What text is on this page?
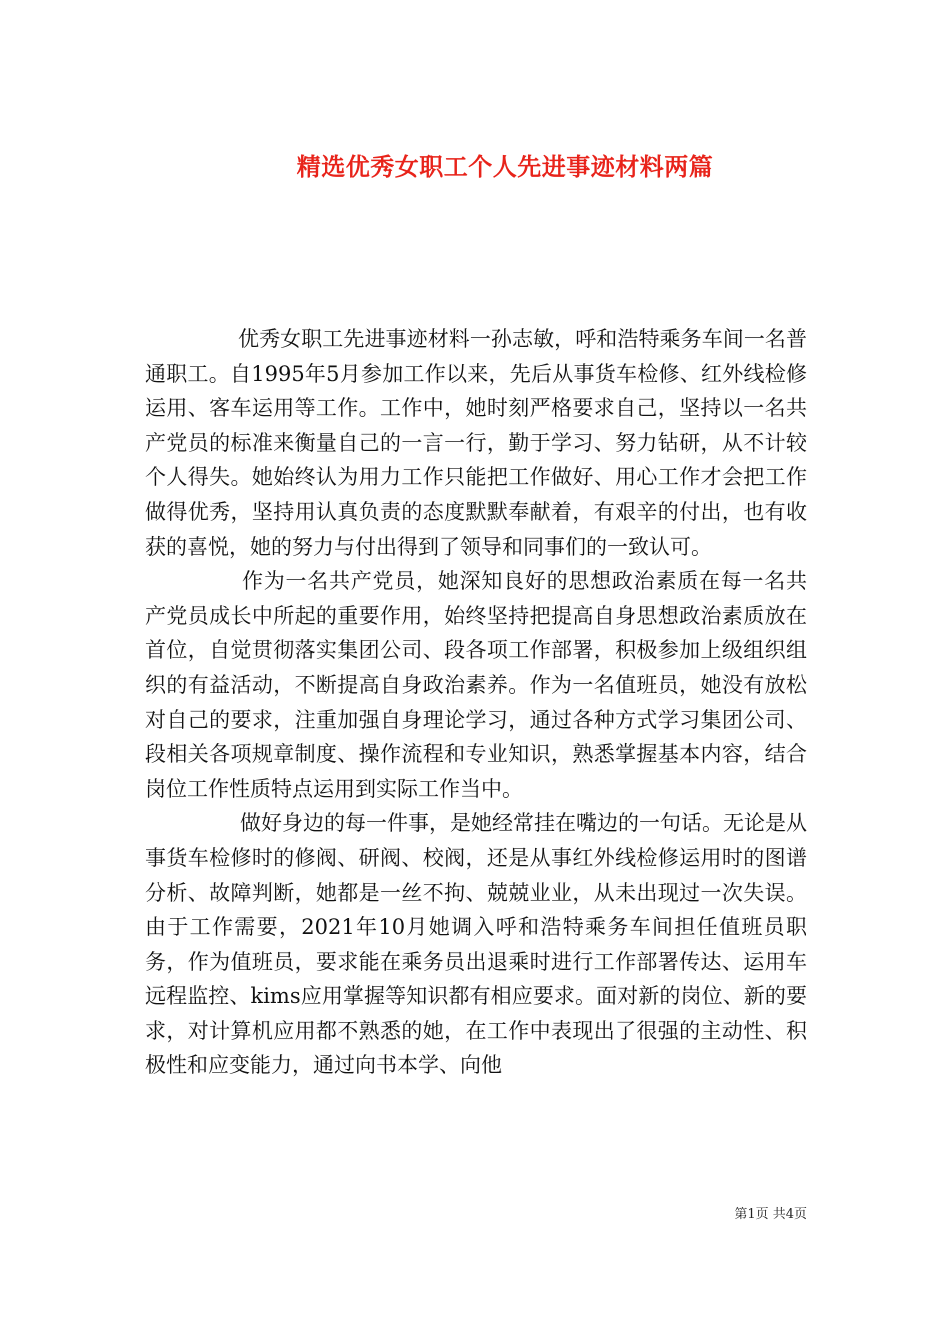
精选优秀女职工个人先进事迹材料两篇

优秀女职工先进事迹材料一孙志敏，呼和浩特乘务车间一名普通职工。自1995年5月参加工作以来，先后从事货车检修、红外线检修运用、客车运用等工作。工作中，她时刻严格要求自己，坚持以一名共产党员的标准来衡量自己的一言一行，勤于学习、努力钻研，从不计较个人得失。她始终认为用力工作只能把工作做好、用心工作才会把工作做得优秀，坚持用认真负责的态度默默奉献着，有艰辛的付出，也有收获的喜悦，她的努力与付出得到了领导和同事们的一致认可。

作为一名共产党员，她深知良好的思想政治素质在每一名共产党员成长中所起的重要作用，始终坚持把提高自身思想政治素质放在首位，自觉贯彻落实集团公司、段各项工作部署，积极参加上级组织组织的有益活动，不断提高自身政治素养。作为一名值班员，她没有放松对自己的要求，注重加强自身理论学习，通过各种方式学习集团公司、段相关各项规章制度、操作流程和专业知识，熟悉掌握基本内容，结合岗位工作性质特点运用到实际工作当中。

做好身边的每一件事，是她经常挂在嘴边的一句话。无论是从事货车检修时的修阀、研阀、校阀，还是从事红外线检修运用时的图谱分析、故障判断，她都是一丝不拘、兢兢业业，从未出现过一次失误。由于工作需要，2021年10月她调入呼和浩特乘务车间担任值班员职务，作为值班员，要求能在乘务员出退乘时进行工作部署传达、运用车远程监控、kims应用掌握等知识都有相应要求。面对新的岗位、新的要求，对计算机应用都不熟悉的她，在工作中表现出了很强的主动性、积极性和应变能力，通过向书本学、向他

第1页 共4页
